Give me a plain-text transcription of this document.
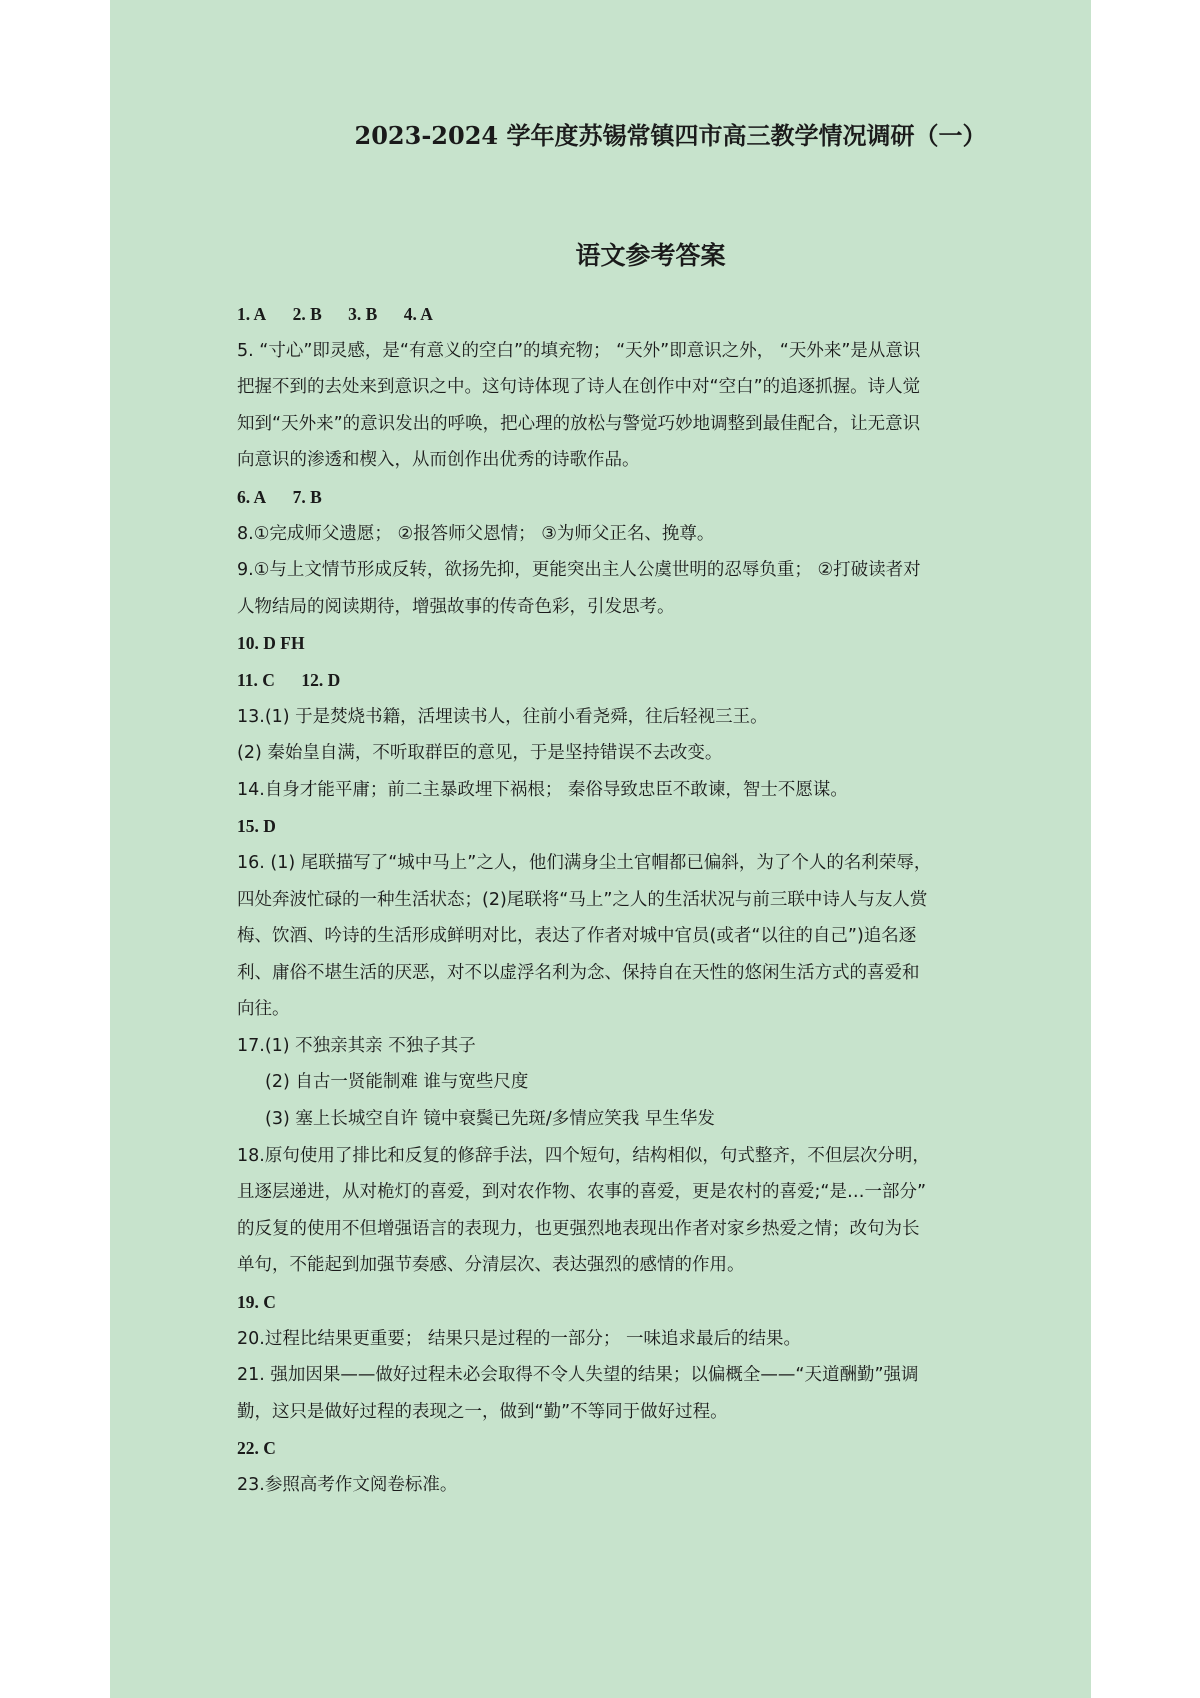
2023-2024 学年度苏锡常镇四市高三教学情况调研（一）
语文参考答案
1. A 2. B 3. B 4. A
5. “寸心”即灵感，是“有意义的空白”的填充物； “天外”即意识之外， “天外来”是从意识
把握不到的去处来到意识之中。这句诗体现了诗人在创作中对“空白”的追逐抓握。诗人觉
知到“天外来”的意识发出的呼唤，把心理的放松与警觉巧妙地调整到最佳配合，让无意识
向意识的渗透和楔入，从而创作出优秀的诗歌作品。
6. A 7. B
8.①完成师父遗愿； ②报答师父恩情； ③为师父正名、挽尊。
9.①与上文情节形成反转，欲扬先抑，更能突出主人公虞世明的忍辱负重； ②打破读者对
人物结局的阅读期待，增强故事的传奇色彩，引发思考。
10. D FH
11. C 12. D
13.(1) 于是焚烧书籍，活埋读书人，往前小看尧舜，往后轻视三王。
(2) 秦始皇自满，不听取群臣的意见，于是坚持错误不去改变。
14.自身才能平庸；前二主暴政埋下祸根； 秦俗导致忠臣不敢谏，智士不愿谋。
15. D
16. (1) 尾联描写了“城中马上”之人，他们满身尘土官帽都已偏斜，为了个人的名利荣辱，
四处奔波忙碌的一种生活状态；(2)尾联将“马上”之人的生活状况与前三联中诗人与友人赏
梅、饮酒、吟诗的生活形成鲜明对比，表达了作者对城中官员(或者“以往的自己”)追名逐
利、庸俗不堪生活的厌恶，对不以虚浮名利为念、保持自在天性的悠闲生活方式的喜爱和
向往。
17.(1) 不独亲其亲 不独子其子
(2) 自古一贤能制难 谁与宽些尺度
(3) 塞上长城空自许 镜中衰鬓已先斑/多情应笑我 早生华发
18.原句使用了排比和反复的修辞手法，四个短句，结构相似，句式整齐，不但层次分明，
且逐层递进，从对桅灯的喜爱，到对农作物、农事的喜爱，更是农村的喜爱;“是…一部分”
的反复的使用不但增强语言的表现力，也更强烈地表现出作者对家乡热爱之情；改句为长
单句，不能起到加强节奏感、分清层次、表达强烈的感情的作用。
19. C
20.过程比结果更重要； 结果只是过程的一部分； 一味追求最后的结果。
21. 强加因果——做好过程未必会取得不令人失望的结果；以偏概全——“天道酬勤”强调
勤，这只是做好过程的表现之一，做到“勤”不等同于做好过程。
22. C
23.参照高考作文阅卷标准。
